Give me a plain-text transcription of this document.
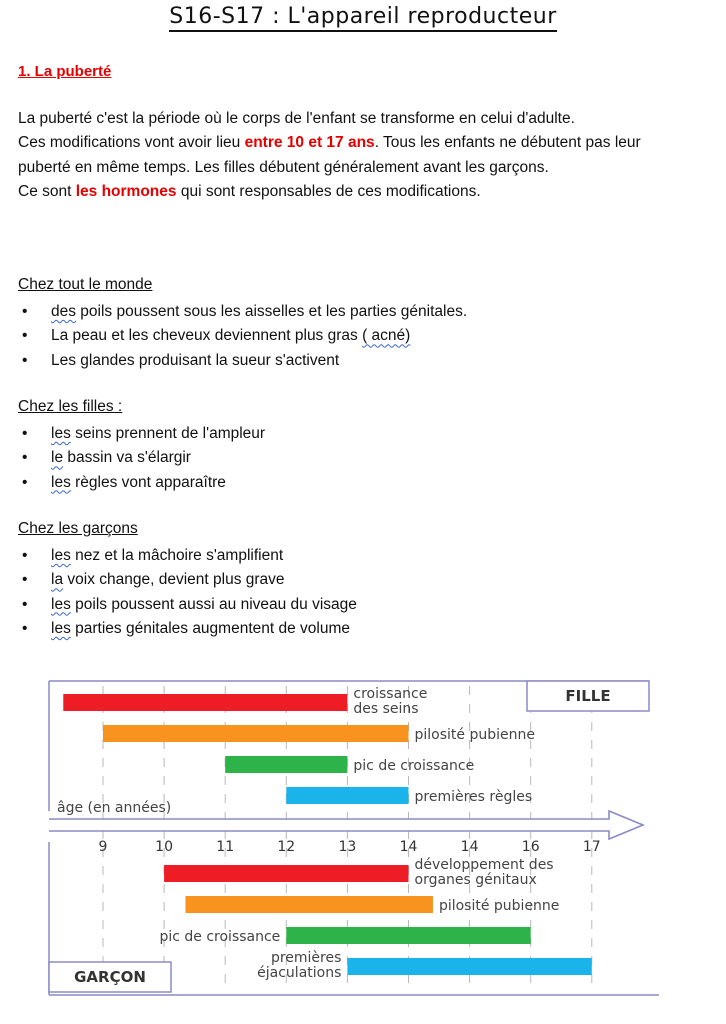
S16-S17 : L'appareil reproducteur
1. La puberté

La puberté c'est la période où le corps de l'enfant se transforme en celui d'adulte.

Ces modifications vont avoir lieu entre 10 et 17 ans. Tous les enfants ne débutent pas leur puberté en même temps. Les filles débutent généralement avant les garçons.

Ce sont les hormones qui sont responsables de ces modifications.

Chez tout le monde
• des poils poussent sous les aisselles et les parties génitales.
• La peau et les cheveux deviennent plus gras ( acné)
• Les glandes produisant la sueur s'activent
Chez les filles :
• les seins prennent de l'ampleur
• le bassin va s'élargir
• les règles vont apparaître
Chez les garçons
• les nez et la mâchoire s'amplifient
• la voix change, devient plus grave
• les poils poussent aussi au niveau du visage
• les parties génitales augmentent de volume
âge (en années)
9	10	11	12	13	14	14	16	17
FILLE
GARÇON
croissance
des seins
pilosité pubienne
pic de croissance
premières règles
développement des
organes génitaux
pilosité pubienne
pic de croissance
premières
éjaculations
